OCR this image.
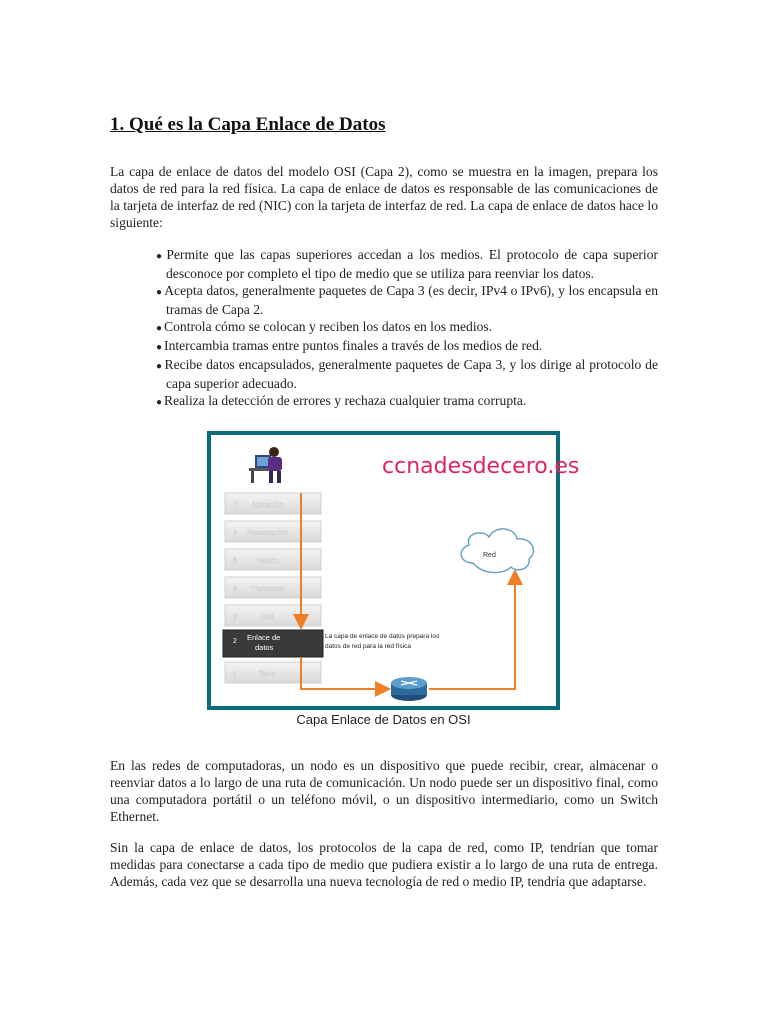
1. Qué es la Capa Enlace de Datos

La capa de enlace de datos del modelo OSI (Capa 2), como se muestra en la imagen, prepara los datos de red para la red física. La capa de enlace de datos es responsable de las comunicaciones de la tarjeta de interfaz de red (NIC) con la tarjeta de interfaz de red. La capa de enlace de datos hace lo siguiente:

● Permite que las capas superiores accedan a los medios. El protocolo de capa superior desconoce por completo el tipo de medio que se utiliza para reenviar los datos.
● Acepta datos, generalmente paquetes de Capa 3 (es decir, IPv4 o IPv6), y los encapsula en tramas de Capa 2.
● Controla cómo se colocan y reciben los datos en los medios.
● Intercambia tramas entre puntos finales a través de los medios de red.
● Recibe datos encapsulados, generalmente paquetes de Capa 3, y los dirige al protocolo de capa superior adecuado.
● Realiza la detección de errores y rechaza cualquier trama corrupta.
ccnadesdecero.es
7 Aplicación
6 Presentación
5	Sesión
4 Transporte
3	Red
2 Enlace de datos
1	física
Red
La capa de enlace de datos prepara los
datos de red para la red física
Capa Enlace de Datos en OSI

En las redes de computadoras, un nodo es un dispositivo que puede recibir, crear, almacenar o reenviar datos a lo largo de una ruta de comunicación. Un nodo puede ser un dispositivo final, como una computadora portátil o un teléfono móvil, o un dispositivo intermediario, como un Switch Ethernet.

Sin la capa de enlace de datos, los protocolos de la capa de red, como IP, tendrían que tomar medidas para conectarse a cada tipo de medio que pudiera existir a lo largo de una ruta de entrega. Además, cada vez que se desarrolla una nueva tecnología de red o medio IP, tendría que adaptarse.
